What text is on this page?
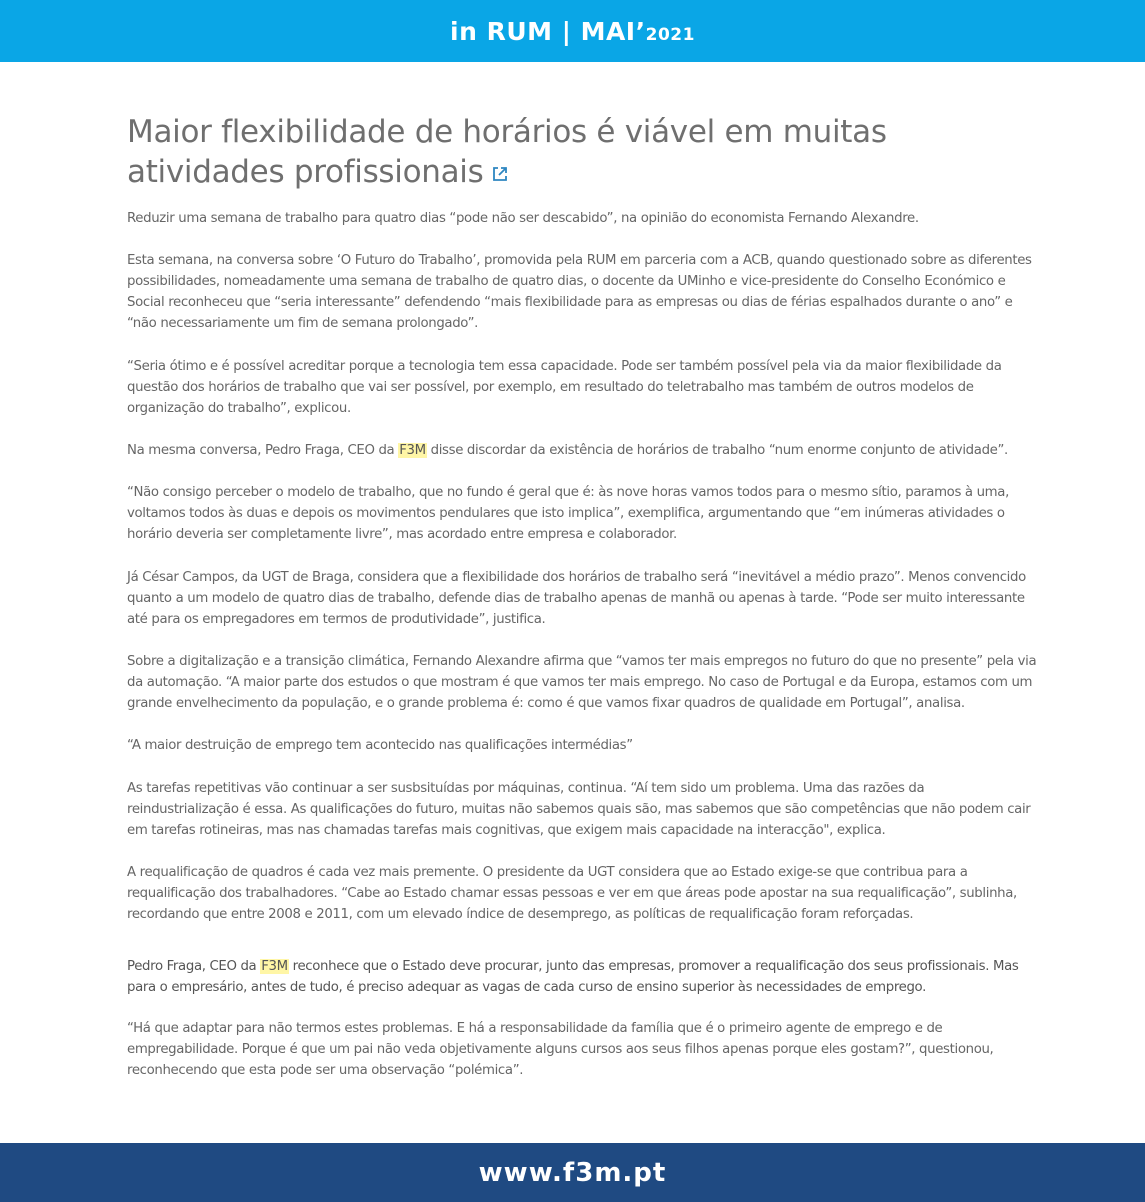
in RUM | MAI’2021
Maior flexibilidade de horários é viável em muitas atividades profissionais

Reduzir uma semana de trabalho para quatro dias “pode não ser descabido”, na opinião do economista Fernando Alexandre.

Esta semana, na conversa sobre ‘O Futuro do Trabalho’, promovida pela RUM em parceria com a ACB, quando questionado sobre as diferentes possibilidades, nomeadamente uma semana de trabalho de quatro dias, o docente da UMinho e vice-presidente do Conselho Económico e Social reconheceu que “seria interessante” defendendo “mais flexibilidade para as empresas ou dias de férias espalhados durante o ano” e “não necessariamente um fim de semana prolongado”.

“Seria ótimo e é possível acreditar porque a tecnologia tem essa capacidade. Pode ser também possível pela via da maior flexibilidade da questão dos horários de trabalho que vai ser possível, por exemplo, em resultado do teletrabalho mas também de outros modelos de organização do trabalho”, explicou.

Na mesma conversa, Pedro Fraga, CEO da F3M disse discordar da existência de horários de trabalho “num enorme conjunto de atividade”.

“Não consigo perceber o modelo de trabalho, que no fundo é geral que é: às nove horas vamos todos para o mesmo sítio, paramos à uma, voltamos todos às duas e depois os movimentos pendulares que isto implica”, exemplifica, argumentando que “em inúmeras atividades o horário deveria ser completamente livre”, mas acordado entre empresa e colaborador.

Já César Campos, da UGT de Braga, considera que a flexibilidade dos horários de trabalho será “inevitável a médio prazo”. Menos convencido quanto a um modelo de quatro dias de trabalho, defende dias de trabalho apenas de manhã ou apenas à tarde. “Pode ser muito interessante até para os empregadores em termos de produtividade”, justifica.

Sobre a digitalização e a transição climática, Fernando Alexandre afirma que “vamos ter mais empregos no futuro do que no presente” pela via da automação. “A maior parte dos estudos o que mostram é que vamos ter mais emprego. No caso de Portugal e da Europa, estamos com um grande envelhecimento da população, e o grande problema é: como é que vamos fixar quadros de qualidade em Portugal”, analisa.

“A maior destruição de emprego tem acontecido nas qualificações intermédias”

As tarefas repetitivas vão continuar a ser susbsituídas por máquinas, continua. “Aí tem sido um problema. Uma das razões da reindustrialização é essa. As qualificações do futuro, muitas não sabemos quais são, mas sabemos que são competências que não podem cair em tarefas rotineiras, mas nas chamadas tarefas mais cognitivas, que exigem mais capacidade na interacção", explica.

A requalificação de quadros é cada vez mais premente. O presidente da UGT considera que ao Estado exige-se que contribua para a requalificação dos trabalhadores. “Cabe ao Estado chamar essas pessoas e ver em que áreas pode apostar na sua requalificação”, sublinha, recordando que entre 2008 e 2011, com um elevado índice de desemprego, as políticas de requalificação foram reforçadas.

Pedro Fraga, CEO da F3M reconhece que o Estado deve procurar, junto das empresas, promover a requalificação dos seus profissionais. Mas para o empresário, antes de tudo, é preciso adequar as vagas de cada curso de ensino superior às necessidades de emprego.

“Há que adaptar para não termos estes problemas. E há a responsabilidade da família que é o primeiro agente de emprego e de empregabilidade. Porque é que um pai não veda objetivamente alguns cursos aos seus filhos apenas porque eles gostam?”, questionou, reconhecendo que esta pode ser uma observação “polémica”.

www.f3m.pt
